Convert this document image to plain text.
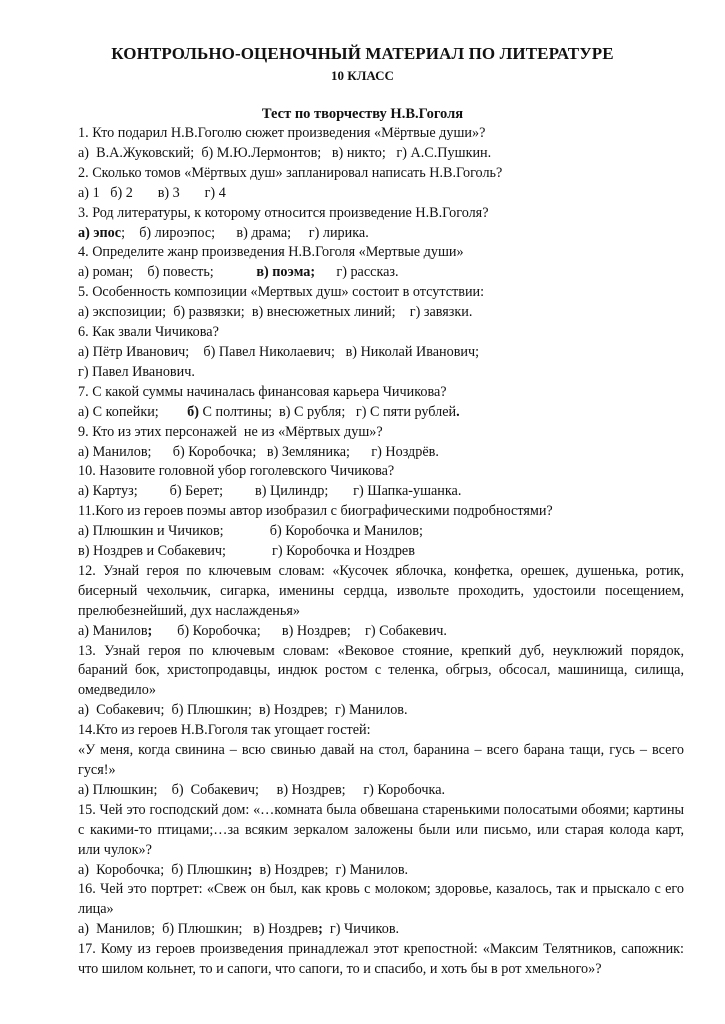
КОНТРОЛЬНО-ОЦЕНОЧНЫЙ МАТЕРИАЛ ПО ЛИТЕРАТУРЕ
10 КЛАСС
Тест по творчеству Н.В.Гоголя

1. Кто подарил Н.В.Гоголю сюжет произведения «Мёртвые души»?

а)  В.А.Жуковский;  б) М.Ю.Лермонтов;   в) никто;   г) А.С.Пушкин.

2. Сколько томов «Мёртвых душ» запланировал написать Н.В.Гоголь?

а) 1   б) 2       в) 3       г) 4

3. Род литературы, к которому относится произведение Н.В.Гоголя?

а) эпос;    б) лироэпос;      в) драма;     г) лирика.

4. Определите жанр произведения Н.В.Гоголя «Мертвые души»

а) роман;    б) повесть;            в) поэма;      г) рассказ.

5. Особенность композиции «Мертвых душ» состоит в отсутствии:

а) экспозиции;  б) развязки;  в) внесюжетных линий;    г) завязки.

6. Как звали Чичикова?

а) Пётр Иванович;    б) Павел Николаевич;   в) Николай Иванович;

г) Павел Иванович.

7. С какой суммы начиналась финансовая карьера Чичикова?

а) С копейки;        б) С полтины;  в) С рубля;   г) С пяти рублей.

9. Кто из этих персонажей  не из «Мёртвых душ»?

а) Манилов;      б) Коробочка;   в) Земляника;      г) Ноздрёв.

10. Назовите головной убор гоголевского Чичикова?

а) Картуз;         б) Берет;         в) Цилиндр;       г) Шапка-ушанка.

11.Кого из героев поэмы автор изобразил с биографическими подробностями?

а) Плюшкин и Чичиков;             б) Коробочка и Манилов;

в) Ноздрев и Собакевич;             г) Коробочка и Ноздрев

12. Узнай героя по ключевым словам: «Кусочек яблочка, конфетка, орешек, душенька, ротик, бисерный чехольчик, сигарка, именины сердца, извольте проходить, удостоили посещением, прелюбезнейший, дух наслажденья»

а) Манилов;       б) Коробочка;      в) Ноздрев;    г) Собакевич.

13. Узнай героя по ключевым словам: «Вековое стояние, крепкий дуб, неуклюжий порядок, бараний бок, христопродавцы, индюк ростом с теленка, обгрыз, обсосал, машинища, силища, омедведило»

а)  Собакевич;  б) Плюшкин;  в) Ноздрев;  г) Манилов.

14.Кто из героев Н.В.Гоголя так угощает гостей:

«У меня, когда свинина – всю свинью давай на стол, баранина – всего барана тащи, гусь – всего гуся!»

а) Плюшкин;    б)  Собакевич;     в) Ноздрев;     г) Коробочка.

15. Чей это господский дом: «…комната была обвешана старенькими полосатыми обоями; картины с какими-то птицами;…за всяким зеркалом заложены были или письмо, или старая колода карт, или чулок»?

а)  Коробочка;  б) Плюшкин;  в) Ноздрев;  г) Манилов.

16. Чей это портрет: «Свеж он был, как кровь с молоком; здоровье, казалось, так и прыскало с его лица»

а)  Манилов;  б) Плюшкин;   в) Ноздрев;  г) Чичиков.

17. Кому из героев произведения принадлежал этот крепостной: «Максим Телятников, сапожник: что шилом кольнет, то и сапоги, что сапоги, то и спасибо, и хоть бы в рот хмельного»?
